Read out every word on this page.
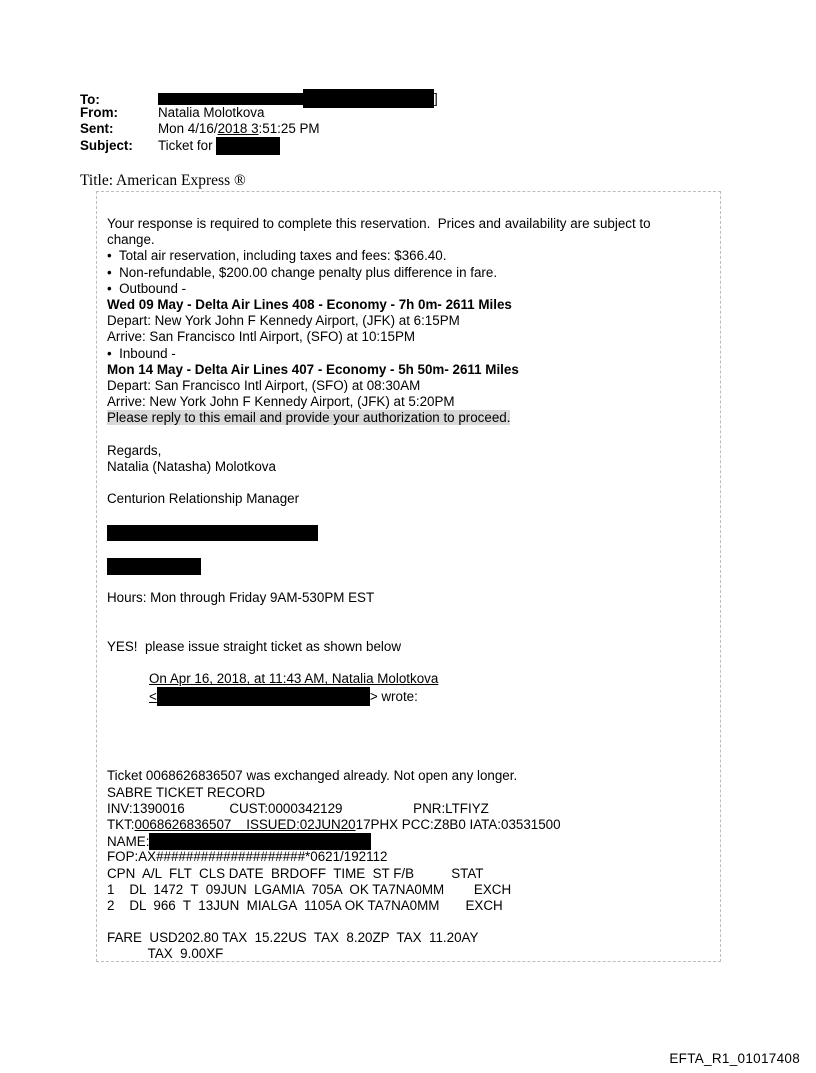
To:	]
From:	Natalia Molotkova
Sent:	Mon 4/16/2018 3:51:25 PM
Subject: Ticket for
Title: American Express ®
Your response is required to complete this reservation.  Prices and availability are subject to
change.
•  Total air reservation, including taxes and fees: $366.40.
•  Non-refundable, $200.00 change penalty plus difference in fare.
•  Outbound -
Wed 09 May - Delta Air Lines 408 - Economy - 7h 0m- 2611 Miles
Depart: New York John F Kennedy Airport, (JFK) at 6:15PM
Arrive: San Francisco Intl Airport, (SFO) at 10:15PM
•  Inbound -
Mon 14 May - Delta Air Lines 407 - Economy - 5h 50m- 2611 Miles
Depart: San Francisco Intl Airport, (SFO) at 08:30AM
Arrive: New York John F Kennedy Airport, (JFK) at 5:20PM
Please reply to this email and provide your authorization to proceed.
Regards,
Natalia (Natasha) Molotkova
Centurion Relationship Manager
Hours: Mon through Friday 9AM-530PM EST
YES!  please issue straight ticket as shown below
On Apr 16, 2018, at 11:43 AM, Natalia Molotkova
<	> wrote:
Ticket 0068626836507 was exchanged already. Not open any longer.
SABRE TICKET RECORD
INV:1390016            CUST:0000342129                   PNR:LTFIYZ
TKT:0068626836507    ISSUED:02JUN2017PHX PCC:Z8B0 IATA:03531500
NAME:
FOP:AX####################*0621/192112
CPN  A/L  FLT  CLS DATE  BRDOFF  TIME  ST F/B          STAT
1    DL  1472  T  09JUN  LGAMIA  705A  OK TA7NA0MM        EXCH
2    DL  966  T  13JUN  MIALGA  1105A OK TA7NA0MM       EXCH
FARE  USD202.80 TAX  15.22US  TAX  8.20ZP  TAX  11.20AY
TAX  9.00XF
EFTA_R1_01017408
